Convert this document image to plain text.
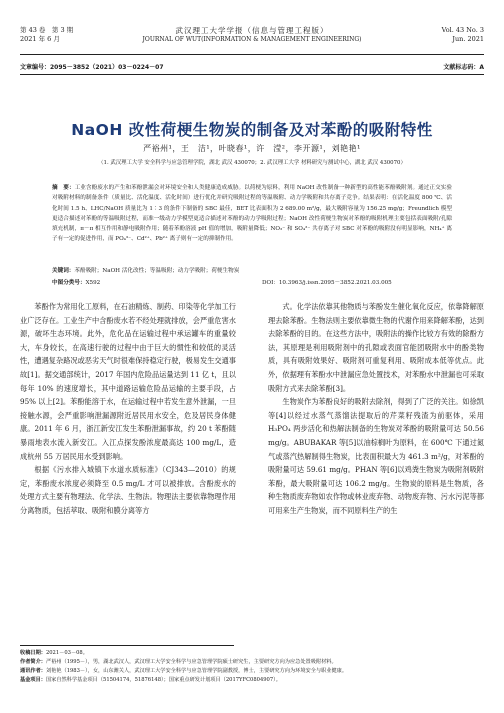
第 43 卷　第 3 期
2021 年 6 月
武汉理工大学学报（信息与管理工程版）
JOURNAL OF WUT(INFORMATION & MANAGEMENT ENGINEERING)
Vol. 43 No. 3
Jun. 2021
文章编号：2095－3852（2021）03－0224－07	文献标志码：A
NaOH 改性荷梗生物炭的制备及对苯酚的吸附特性
严裕州¹，王　洁¹，叶晓春¹，许　滢²，李开源¹，刘艳艳¹
（1. 武汉理工大学 安全科学与应急管理学院，湖北 武汉 430070；2. 武汉理工大学 材料研究与测试中心，湖北 武汉 430070）
摘　要：工业含酚废水的产生和苯酚泄漏会对环境安全和人类健康造成威胁。以荷梗为原料，利用 NaOH 改性制备一种新型的高性能苯酚吸附剂。通过正交实验对吸附材料的制备条件（质量比、活化温度、活化时间）进行优化并研究吸附过程的等温吸附、动力学吸附和共存离子竞争。结果表明：在活化温度 800 ℃、活化时间 1.5 h、LHC/NaOH 质量比为 1∶3 的条件下制备的 SBC 最佳，BET 比表面积为 2 689.00 m²/g，最大吸附容量为 156.25 mg/g；Freundlich 模型更适合描述对苯酚的等温吸附过程，而准一级动力学模型更适合描述对苯酚的动力学吸附过程；NaOH 改性荷梗生物炭对苯酚的吸附机理主要包括表面吸附/孔隙填充机制，π－π 相互作用和静电吸附作用；随着苯酚溶液 pH 值的增加，吸附量降低；NO₃⁻ 和 SO₄²⁻ 共存离子对 SBC 对苯酚的吸附没有明显影响，NH₄⁺ 离子有一定的促进作用，而 PO₄³⁻、Cd²⁺、Pb²⁺ 离子则有一定的抑制作用。
关键词：苯酚吸附；NaOH 活化改性；等温吸附；动力学吸附；荷梗生物炭
中图分类号：X592	DOI：10.3963/j.issn.2095－3852.2021.03.005

苯酚作为常用化工原料，在石油精炼、制药、印染等化学加工行业广泛存在。工业生产中含酚废水若不经处理就排放，会严重危害水源，破坏生态环境。此外，危化品在运输过程中承运罐车的重量较大，车身较长，在高速行驶的过程中由于巨大的惯性和较低的灵活性，遭遇复杂路况或恶劣天气时很难保持稳定行驶，极易发生交通事故[1]。据交通部统计，2017 年国内危险品运量达到 11 亿 t，且以每年 10% 的速度增长，其中道路运输危险品运输的主要手段，占 95% 以上[2]。苯酚能溶于水，在运输过程中若发生意外泄漏，一旦接触水源，会严重影响泄漏源附近居民用水安全，危及居民身体健康。2011 年 6 月，浙江新安江发生苯酚泄漏事故，约 20 t 苯酚随暴雨地表水流入新安江。入江点探发酚浓度最高达 100 mg/L，造成杭州 55 万居民用水受到影响。

根据《污水排入城镇下水道水质标准》（CJ343—2010）的规定，苯酚废水浓度必须降至 0.5 mg/L 才可以被排放。含酚废水的处理方式主要有物理法、化学法、生物法。物理法主要依靠物理作用分离物质，包括萃取、吸附和膜分离等方

式。化学法依靠其他物质与苯酚发生催化氧化反应，依靠降解原理去除苯酚。生物法则主要依靠微生物的代谢作用来降解苯酚，达到去除苯酚的目的。在这些方法中，吸附法的操作比较方有效的除酚方法，其原理是利用吸附剂中的孔隙或表面官能团吸附水中的酚类物质，具有吸附效果好、吸附剂可重复利用、吸附成本低等优点。此外，依据理有苯酚水中泄漏应急处置技术，对苯酚水中泄漏也可采取吸附方式来去除苯酚[3]。

生物炭作为苯酚良好的吸附去除剂，得到了广泛的关注。如徐凯等[4]以经过水蒸气蒸馏法提取后的芹菜籽残渣为前驱体，采用 H₃PO₄ 两步活化和热解法制备的生物炭对苯酚的吸附量可达 50.56 mg/g。ABUBAKAR 等[5]以油棕榈叶为原料，在 600℃ 下通过氮气或蒸汽热解制得生物炭，比表面积最大为 461.3 m²/g，对苯酚的吸附量可达 59.61 mg/g。PHAN 等[6]以鸡粪生物炭为吸附剂吸附苯酚，最大吸附量可达 106.2 mg/g。生物炭的原料是生物质，各种生物质废弃物如农作物或林业废弃物、动物废弃物、污水污泥等都可用来生产生物炭，而不同原料生产的生

收稿日期：2021－03－08。
作者简介：严裕州（1995－），男，湖北武汉人，武汉理工大学安全科学与应急管理学院硕士研究生，主要研究方向为应急处置吸附材料。
通讯作者：刘艳艳（1983－），女，山东潍关人，武汉理工大学安全科学与应急管理学院副教授，博士，主要研究方向为环境安全与职业健康。
基金项目：国家自然科学基金项目（51504174，51876148）；国家重点研发计划项目（2017YFC0804907）。
